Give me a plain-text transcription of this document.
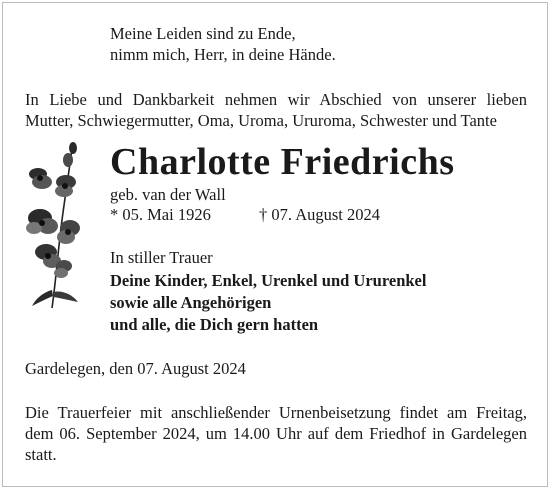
Meine Leiden sind zu Ende,
nimm mich, Herr, in deine Hände.
In Liebe und Dankbarkeit nehmen wir Abschied von unserer lieben
Mutter, Schwiegermutter, Oma, Uroma, Ururoma, Schwester und Tante
Charlotte Friedrichs
geb. van der Wall
* 05. Mai 1926	† 07. August 2024
In stiller Trauer
Deine Kinder, Enkel, Urenkel und Ururenkel
sowie alle Angehörigen
und alle, die Dich gern hatten
Gardelegen, den 07. August 2024
Die Trauerfeier mit anschließender Urnenbeisetzung findet am Freitag,
dem 06. September 2024, um 14.00 Uhr auf dem Friedhof in Gardelegen
statt.
